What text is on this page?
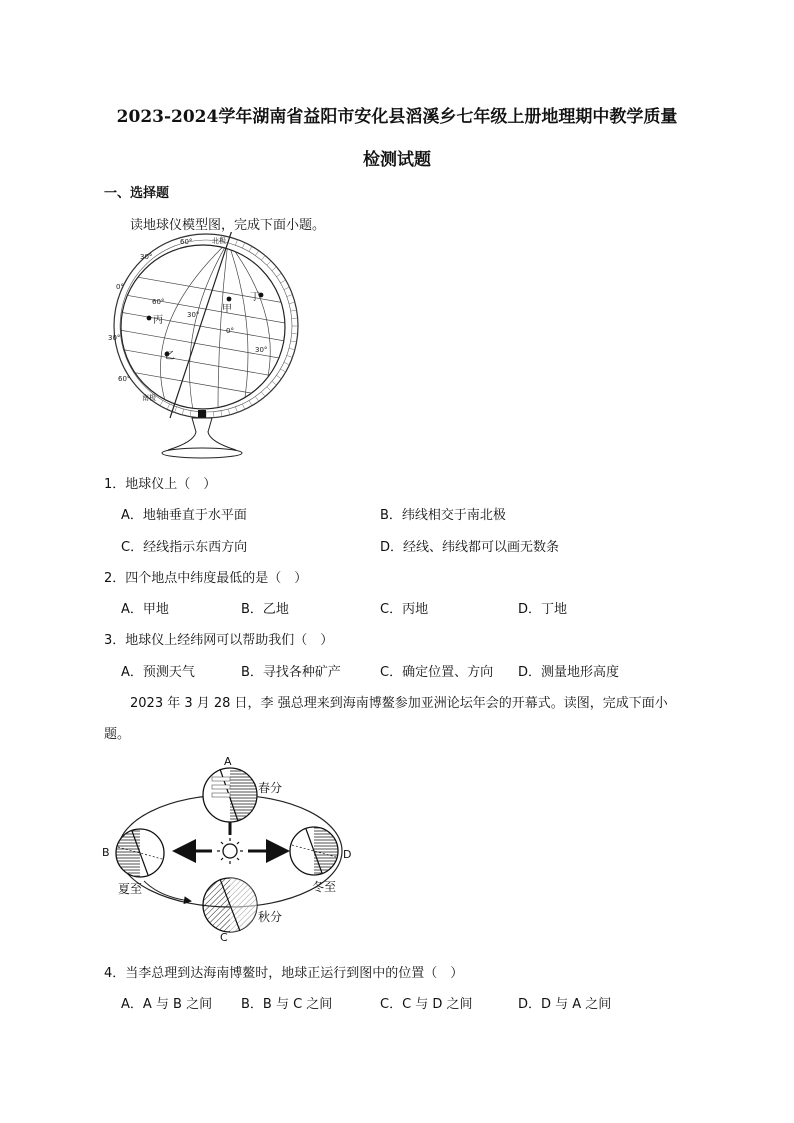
2023-2024学年湖南省益阳市安化县滔溪乡七年级上册地理期中教学质量
检测试题
一、选择题
读地球仪模型图，完成下面小题。
30°
60°	北极
0°
60°
30°
0°
30°
30°
60°
南极
甲
乙
丙
丁
1．地球仪上（　）
A．地轴垂直于水平面	B．纬线相交于南北极
C．经线指示东西方向	D．经线、纬线都可以画无数条
2．四个地点中纬度最低的是（　）
A．甲地	B．乙地	C．丙地	D．丁地
3．地球仪上经纬网可以帮助我们（　）
A．预测天气	B．寻找各种矿产	C．确定位置、方向 D．测量地形高度
2023 年 3 月 28 日，李 强总理来到海南博鳌参加亚洲论坛年会的开幕式。读图，完成下面小
题。
A
B
C
D
春分
夏至
秋分
冬至
4．当李总理到达海南博鳌时，地球正运行到图中的位置（　）
A．A 与 B 之间 B．B 与 C 之间	C．C 与 D 之间	D．D 与 A 之间
